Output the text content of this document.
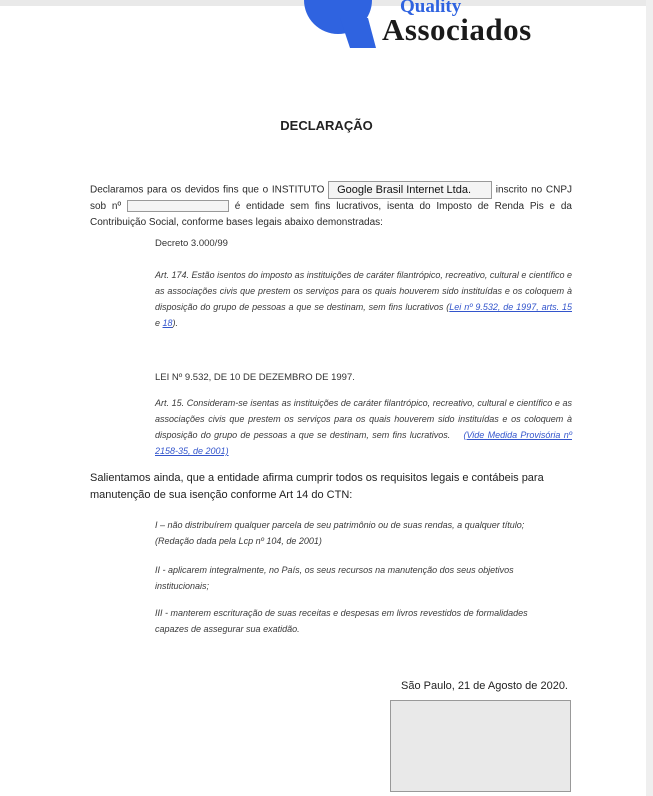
Quality
Associados
DECLARAÇÃO
Declaramos para os devidos fins que o INSTITUTO Google Brasil Internet Ltda. inscrito no CNPJ sob nº	é entidade sem fins lucrativos, isenta do Imposto de Renda Pis e da Contribuição Social, conforme bases legais abaixo demonstradas:
Decreto 3.000/99
Art. 174. Estão isentos do imposto as instituições de caráter filantrópico, recreativo, cultural e científico e as associações civis que prestem os serviços para os quais houverem sido instituídas e os coloquem à disposição do grupo de pessoas a que se destinam, sem fins lucrativos (Lei nº 9.532, de 1997, arts. 15 e 18).
LEI Nº 9.532, DE 10 DE DEZEMBRO DE 1997.
Art. 15. Consideram-se isentas as instituições de caráter filantrópico, recreativo, cultural e científico e as associações civis que prestem os serviços para os quais houverem sido instituídas e os coloquem à disposição do grupo de pessoas a que se destinam, sem fins lucrativos. (Vide Medida Provisória nº 2158-35, de 2001)
Salientamos ainda, que a entidade afirma cumprir todos os requisitos legais e contábeis para manutenção de sua isenção conforme Art 14 do CTN:
I – não distribuírem qualquer parcela de seu patrimônio ou de suas rendas, a qualquer título; (Redação dada pela Lcp nº 104, de 2001)
II - aplicarem integralmente, no País, os seus recursos na manutenção dos seus objetivos institucionais;
III - manterem escrituração de suas receitas e despesas em livros revestidos de formalidades capazes de assegurar sua exatidão.
São Paulo, 21 de Agosto de 2020.
